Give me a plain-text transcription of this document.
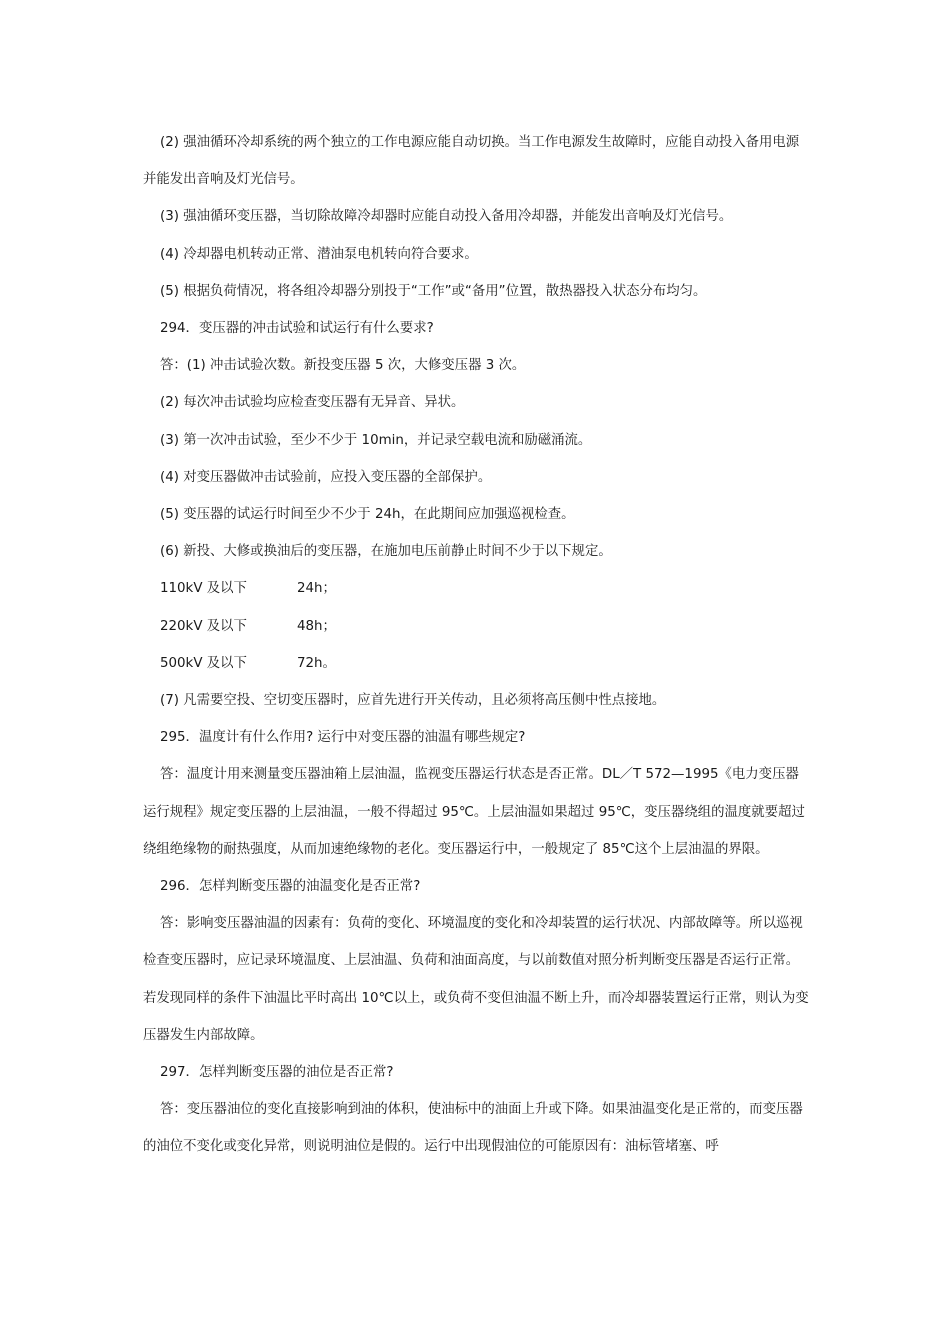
(2) 强油循环冷却系统的两个独立的工作电源应能自动切换。当工作电源发生故障时，应能自动投入备用电源并能发出音响及灯光信号。

(3) 强油循环变压器，当切除故障冷却器时应能自动投入备用冷却器，并能发出音响及灯光信号。

(4) 冷却器电机转动正常、潜油泵电机转向符合要求。

(5) 根据负荷情况，将各组冷却器分别投于“工作”或“备用”位置，散热器投入状态分布均匀。

294．变压器的冲击试验和试运行有什么要求?

答：(1) 冲击试验次数。新投变压器 5 次，大修变压器 3 次。

(2) 每次冲击试验均应检查变压器有无异音、异状。

(3) 第一次冲击试验，至少不少于 10min，并记录空载电流和励磁涌流。

(4) 对变压器做冲击试验前，应投入变压器的全部保护。

(5) 变压器的试运行时间至少不少于 24h，在此期间应加强巡视检查。

(6) 新投、大修或换油后的变压器，在施加电压前静止时间不少于以下规定。

110kV 及以下	24h；
220kV 及以下	48h；
500kV 及以下	72h。

(7) 凡需要空投、空切变压器时，应首先进行开关传动，且必须将高压侧中性点接地。

295．温度计有什么作用? 运行中对变压器的油温有哪些规定?

答：温度计用来测量变压器油箱上层油温，监视变压器运行状态是否正常。DL／T 572—1995《电力变压器运行规程》规定变压器的上层油温，一般不得超过 95℃。上层油温如果超过 95℃，变压器绕组的温度就要超过绕组绝缘物的耐热强度，从而加速绝缘物的老化。变压器运行中，一般规定了 85℃这个上层油温的界限。

296．怎样判断变压器的油温变化是否正常?

答：影响变压器油温的因素有：负荷的变化、环境温度的变化和冷却装置的运行状况、内部故障等。所以巡视检查变压器时，应记录环境温度、上层油温、负荷和油面高度，与以前数值对照分析判断变压器是否运行正常。若发现同样的条件下油温比平时高出 10℃以上，或负荷不变但油温不断上升，而冷却器装置运行正常，则认为变压器发生内部故障。

297．怎样判断变压器的油位是否正常?

答：变压器油位的变化直接影响到油的体积，使油标中的油面上升或下降。如果油温变化是正常的，而变压器的油位不变化或变化异常，则说明油位是假的。运行中出现假油位的可能原因有：油标管堵塞、呼
